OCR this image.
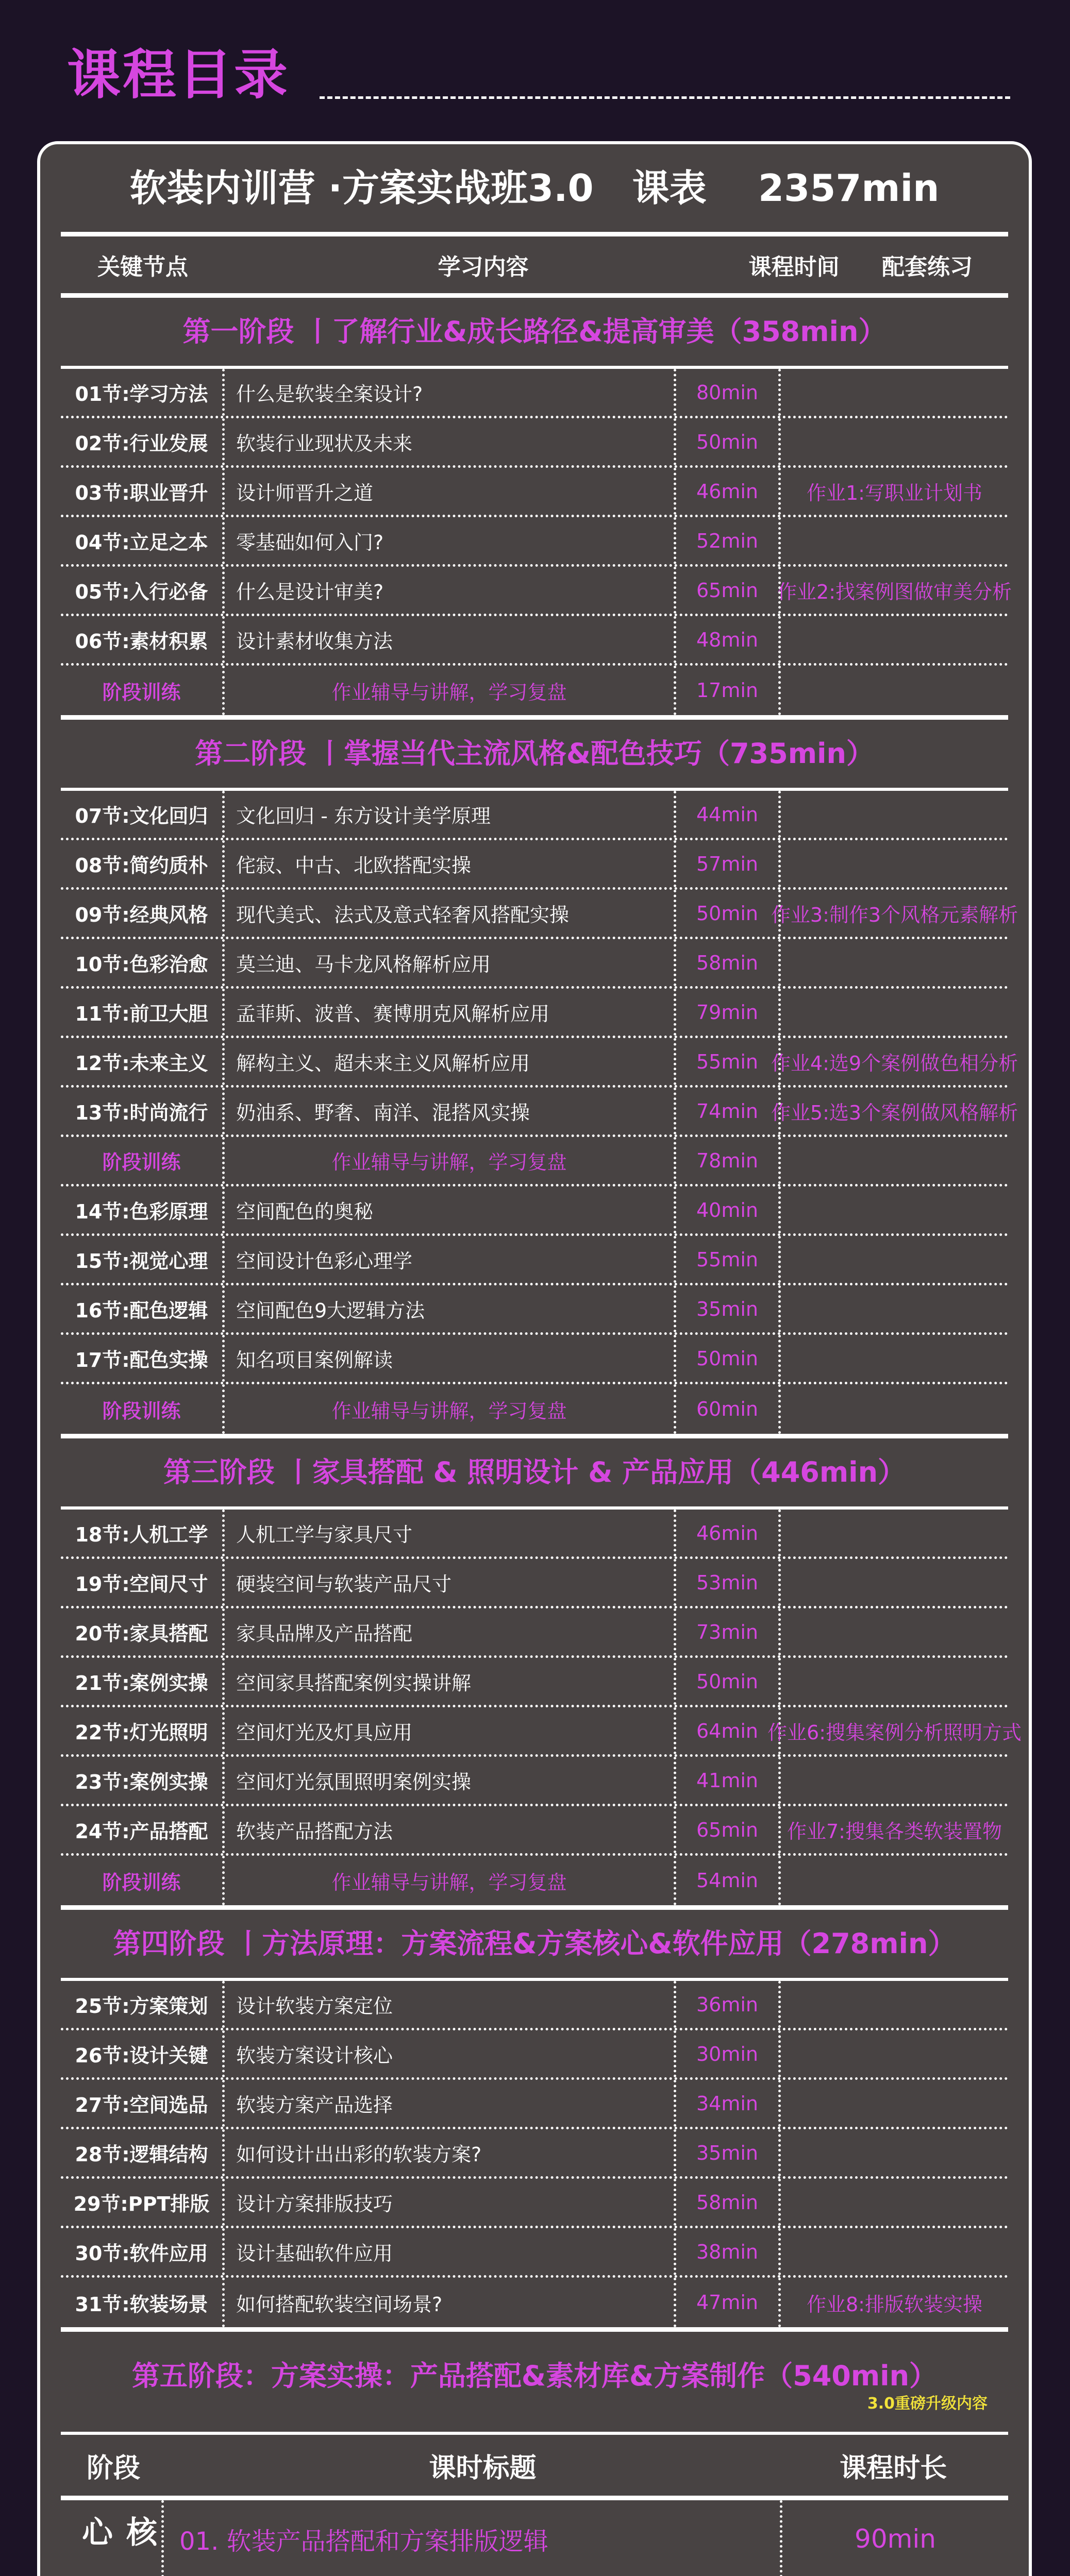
课程目录
软装内训营 ·方案实战班3.0   课表    2357min
关键节点	学习内容	课程时间	配套练习
第一阶段 丨了解行业&成长路径&提高审美（358min）
01节:学习方法	什么是软装全案设计?	80min
02节:行业发展	软装行业现状及未来	50min
03节:职业晋升	设计师晋升之道	46min	作业1:写职业计划书
04节:立足之本	零基础如何入门?	52min
05节:入行必备	什么是设计审美?	65min 作业2:找案例图做审美分析
06节:素材积累	设计素材收集方法	48min
阶段训练	作业辅导与讲解，学习复盘	17min
第二阶段 丨掌握当代主流风格&配色技巧（735min）
07节:文化回归	文化回归 - 东方设计美学原理	44min
08节:简约质朴	侘寂、中古、北欧搭配实操	57min
09节:经典风格	现代美式、法式及意式轻奢风搭配实操	50min 作业3:制作3个风格元素解析
10节:色彩治愈	莫兰迪、马卡龙风格解析应用	58min
11节:前卫大胆	孟菲斯、波普、赛博朋克风解析应用	79min
12节:未来主义	解构主义、超未来主义风解析应用	55min 作业4:选9个案例做色相分析
13节:时尚流行	奶油系、野奢、南洋、混搭风实操	74min 作业5:选3个案例做风格解析
阶段训练	作业辅导与讲解，学习复盘	78min
14节:色彩原理	空间配色的奥秘	40min
15节:视觉心理	空间设计色彩心理学	55min
16节:配色逻辑	空间配色9大逻辑方法	35min
17节:配色实操	知名项目案例解读	50min
阶段训练	作业辅导与讲解，学习复盘	60min
第三阶段 丨家具搭配 & 照明设计 & 产品应用（446min）
18节:人机工学	人机工学与家具尺寸	46min
19节:空间尺寸	硬装空间与软装产品尺寸	53min
20节:家具搭配	家具品牌及产品搭配	73min
21节:案例实操	空间家具搭配案例实操讲解	50min
22节:灯光照明	空间灯光及灯具应用	64min 作业6:搜集案例分析照明方式
23节:案例实操	空间灯光氛围照明案例实操	41min
24节:产品搭配	软装产品搭配方法	65min	作业7:搜集各类软装置物
阶段训练	作业辅导与讲解，学习复盘	54min
第四阶段 丨方法原理：方案流程&方案核心&软件应用（278min）
25节:方案策划	设计软装方案定位	36min
26节:设计关键	软装方案设计核心	30min
27节:空间选品	软装方案产品选择	34min
28节:逻辑结构	如何设计出出彩的软装方案?	35min
29节:PPT排版	设计方案排版技巧	58min
30节:软件应用	设计基础软件应用	38min
31节:软装场景	如何搭配软装空间场景?	47min	作业8:排版软装实操
第五阶段：方案实操：产品搭配&素材库&方案制作（540min）
3.0重磅升级内容
阶段	课时标题	课程时长
核心	01. 软装产品搭配和方案排版逻辑	90min
